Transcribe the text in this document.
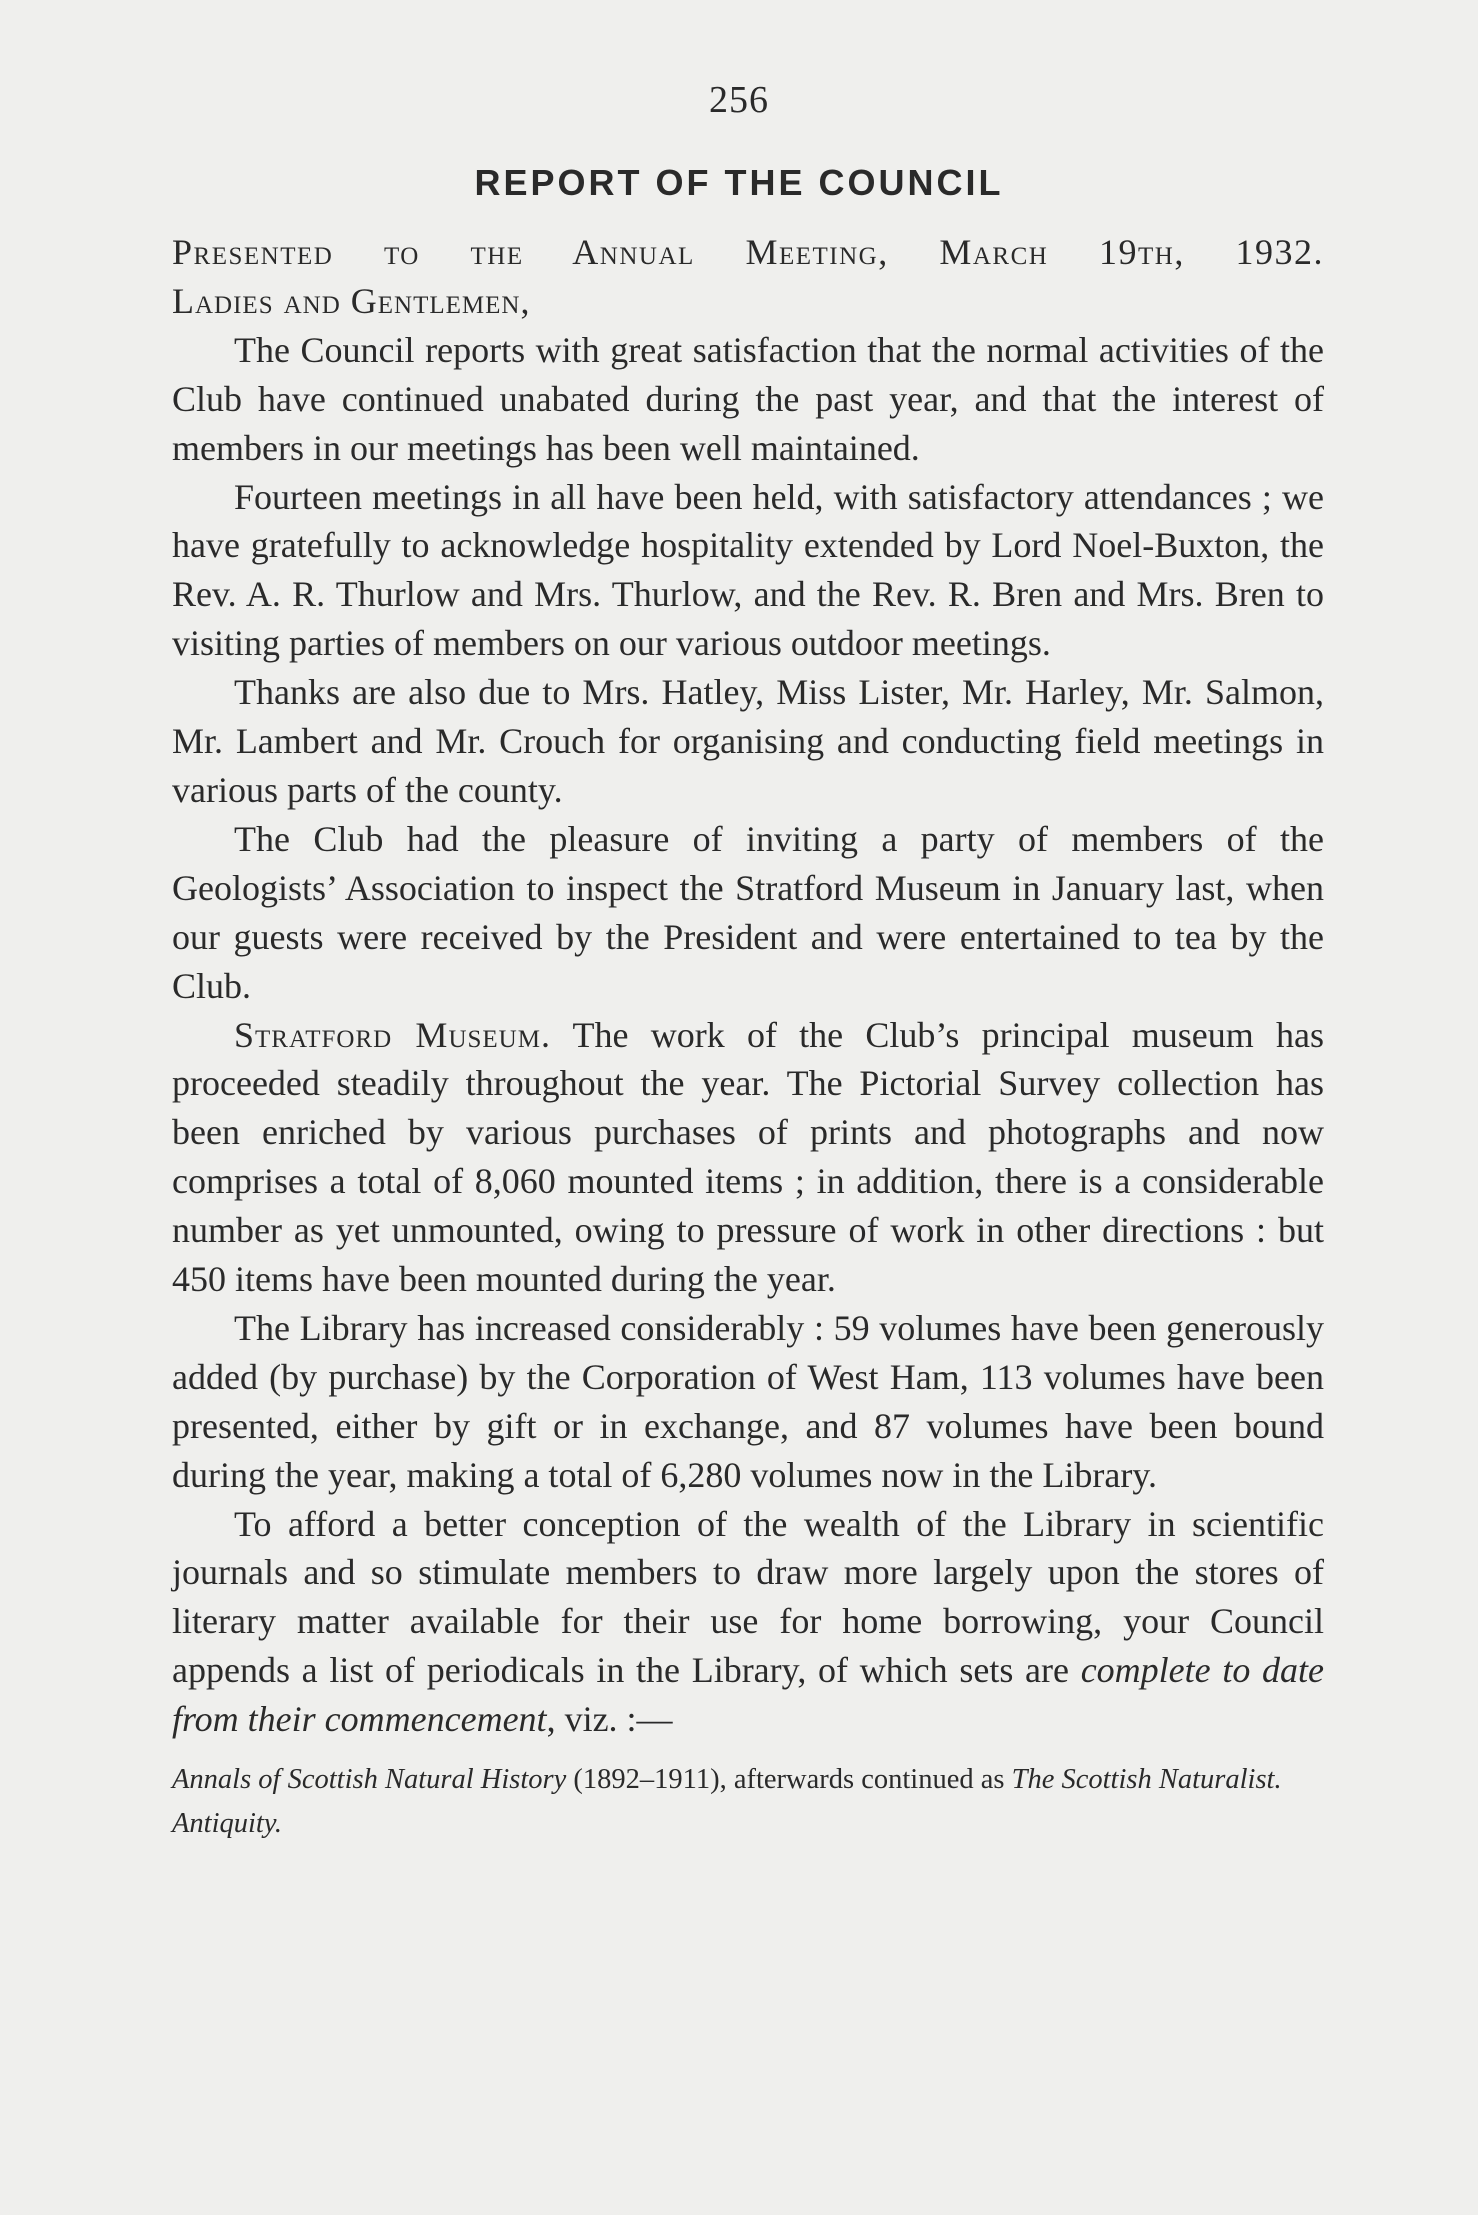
256
REPORT OF THE COUNCIL

Presented to the Annual Meeting, March 19th, 1932.

Ladies and Gentlemen,

The Council reports with great satisfaction that the normal activities of the Club have continued unabated during the past year, and that the interest of members in our meetings has been well maintained.

Fourteen meetings in all have been held, with satisfactory attendances ; we have gratefully to acknowledge hospitality extended by Lord Noel-Buxton, the Rev. A. R. Thurlow and Mrs. Thurlow, and the Rev. R. Bren and Mrs. Bren to visiting parties of members on our various outdoor meetings.

Thanks are also due to Mrs. Hatley, Miss Lister, Mr. Harley, Mr. Salmon, Mr. Lambert and Mr. Crouch for organising and conducting field meetings in various parts of the county.

The Club had the pleasure of inviting a party of members of the Geologists’ Association to inspect the Stratford Museum in January last, when our guests were received by the President and were entertained to tea by the Club.

Stratford Museum. The work of the Club’s principal museum has proceeded steadily throughout the year. The Pictorial Survey collection has been enriched by various purchases of prints and photographs and now comprises a total of 8,060 mounted items ; in addition, there is a considerable number as yet unmounted, owing to pressure of work in other directions : but 450 items have been mounted during the year.

The Library has increased considerably : 59 volumes have been generously added (by purchase) by the Corporation of West Ham, 113 volumes have been presented, either by gift or in exchange, and 87 volumes have been bound during the year, making a total of 6,280 volumes now in the Library.

To afford a better conception of the wealth of the Library in scientific journals and so stimulate members to draw more largely upon the stores of literary matter available for their use for home borrowing, your Council appends a list of periodicals in the Library, of which sets are complete to date from their commencement, viz. :—

Annals of Scottish Natural History (1892–1911), afterwards continued as The Scottish Naturalist.
Antiquity.
